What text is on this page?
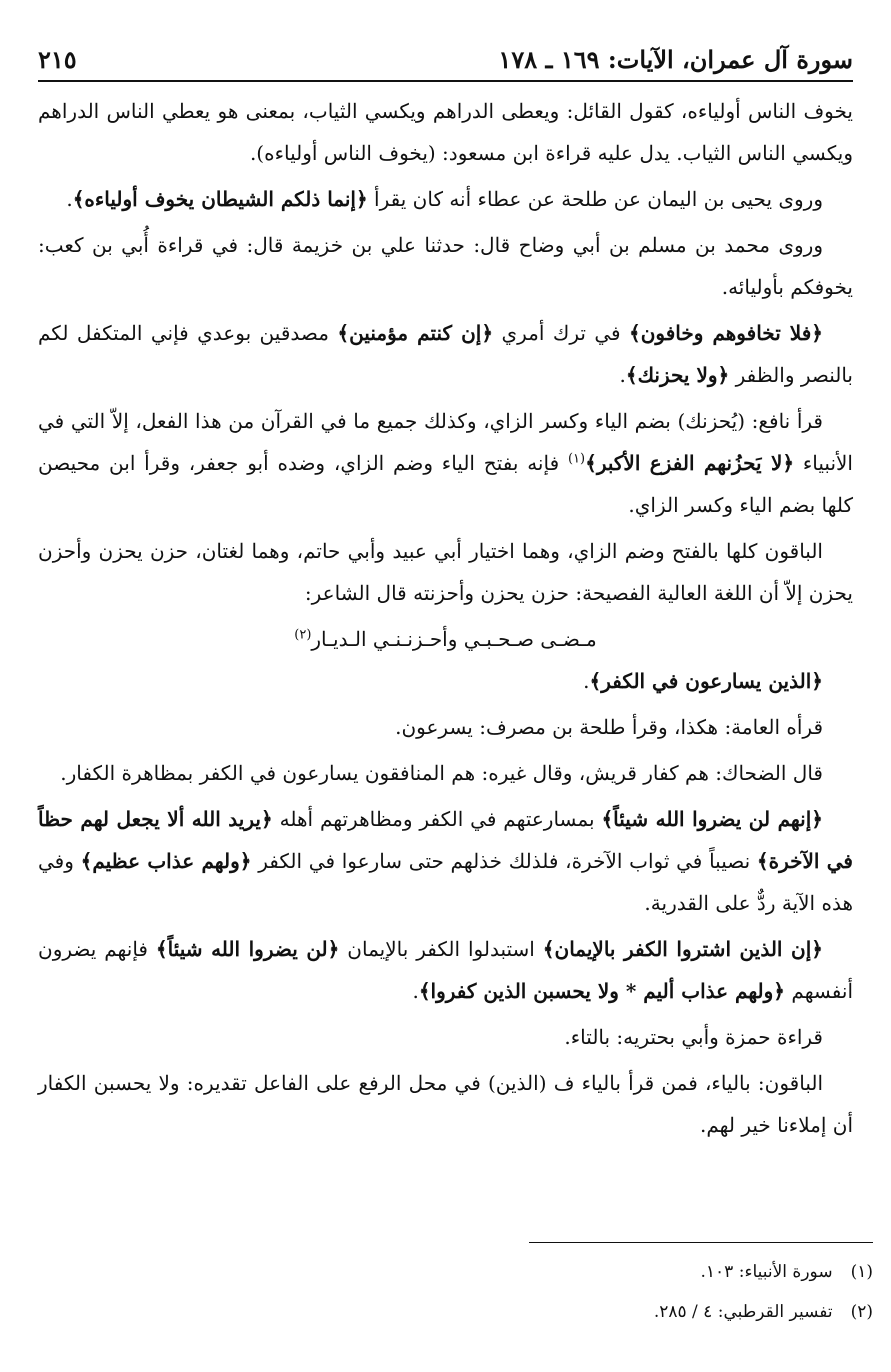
سورة آل عمران، الآيات: ١٦٩ ـ ١٧٨
٢١٥

يخوف الناس أولياءه، كقول القائل: ويعطى الدراهم ويكسي الثياب، بمعنى هو يعطي الناس الدراهم ويكسي الناس الثياب. يدل عليه قراءة ابن مسعود: (يخوف الناس أولياءه).

وروى يحيى بن اليمان عن طلحة عن عطاء أنه كان يقرأ ﴿إنما ذلكم الشيطان يخوف أولياءه﴾.

وروى محمد بن مسلم بن أبي وضاح قال: حدثنا علي بن خزيمة قال: في قراءة أُبي بن كعب: يخوفكم بأوليائه.

﴿فلا تخافوهم وخافون﴾ في ترك أمري ﴿إن كنتم مؤمنين﴾ مصدقين بوعدي فإني المتكفل لكم بالنصر والظفر ﴿ولا يحزنك﴾.

قرأ نافع: (يُحزنك) بضم الياء وكسر الزاي، وكذلك جميع ما في القرآن من هذا الفعل، إلاّ التي في الأنبياء ﴿لا يَحزُنهم الفزع الأكبر﴾$^{(١)}$ فإنه بفتح الياء وضم الزاي، وضده أبو جعفر، وقرأ ابن محيصن كلها بضم الياء وكسر الزاي.

الباقون كلها بالفتح وضم الزاي، وهما اختيار أبي عبيد وأبي حاتم، وهما لغتان، حزن يحزن وأحزن يحزن إلاّ أن اللغة العالية الفصيحة: حزن يحزن وأحزنته قال الشاعر:

مـضـى صـحـبـي وأحـزنـنـي الـديـار$^{(٢)}$

﴿الذين يسارعون في الكفر﴾.

قرأه العامة: هكذا، وقرأ طلحة بن مصرف: يسرعون.

قال الضحاك: هم كفار قريش، وقال غيره: هم المنافقون يسارعون في الكفر بمظاهرة الكفار.

﴿إنهم لن يضروا الله شيئاً﴾ بمسارعتهم في الكفر ومظاهرتهم أهله ﴿يريد الله ألا يجعل لهم حظاً في الآخرة﴾ نصيباً في ثواب الآخرة، فلذلك خذلهم حتى سارعوا في الكفر ﴿ولهم عذاب عظيم﴾ وفي هذه الآية ردٌّ على القدرية.

﴿إن الذين اشتروا الكفر بالإيمان﴾ استبدلوا الكفر بالإيمان ﴿لن يضروا الله شيئاً﴾ فإنهم يضرون أنفسهم ﴿ولهم عذاب أليم * ولا يحسبن الذين كفروا﴾.

قراءة حمزة وأبي بحتريه: بالتاء.

الباقون: بالياء، فمن قرأ بالياء ف (الذين) في محل الرفع على الفاعل تقديره: ولا يحسبن الكفار أن إملاءنا خير لهم.

(١)
سورة الأنبياء: ١٠٣.
(٢)
تفسير القرطبي: ٤ / ٢٨٥.
